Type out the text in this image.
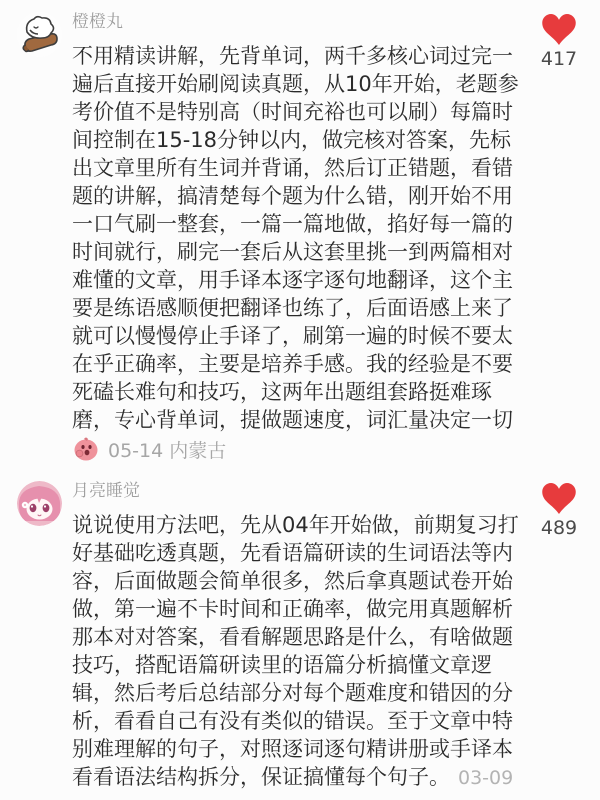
橙橙丸
不用精读讲解，先背单词，两千多核心词过完一遍后直接开始刷阅读真题，从10年开始，老题参考价值不是特别高（时间充裕也可以刷）每篇时间控制在15-18分钟以内，做完核对答案，先标出文章里所有生词并背诵，然后订正错题，看错题的讲解，搞清楚每个题为什么错，刚开始不用一口气刷一整套，一篇一篇地做，掐好每一篇的时间就行，刷完一套后从这套里挑一到两篇相对难懂的文章，用手译本逐字逐句地翻译，这个主要是练语感顺便把翻译也练了，后面语感上来了就可以慢慢停止手译了，刷第一遍的时候不要太在乎正确率，主要是培养手感。我的经验是不要死磕长难句和技巧，这两年出题组套路挺难琢磨，专心背单词，提做题速度，词汇量决定一切
05-14 内蒙古
417
月亮睡觉
说说使用方法吧，先从04年开始做，前期复习打好基础吃透真题，先看语篇研读的生词语法等内容，后面做题会简单很多，然后拿真题试卷开始做，第一遍不卡时间和正确率，做完用真题解析那本对对答案，看看解题思路是什么，有啥做题技巧，搭配语篇研读里的语篇分析搞懂文章逻辑，然后考后总结部分对每个题难度和错因的分析，看看自己有没有类似的错误。至于文章中特别难理解的句子，对照逐词逐句精讲册或手译本看看语法结构拆分，保证搞懂每个句子。 03-09
489
